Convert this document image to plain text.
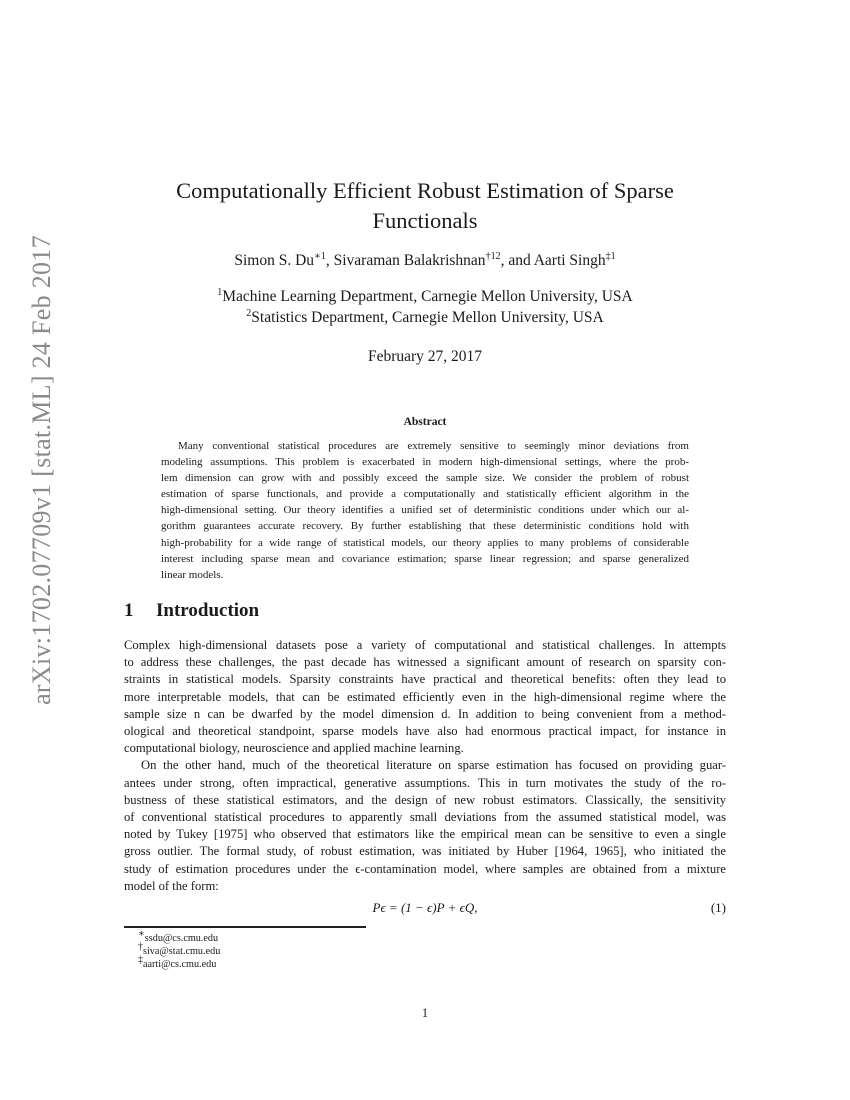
arXiv:1702.07709v1 [stat.ML] 24 Feb 2017
Computationally Efficient Robust Estimation of Sparse
Functionals
Simon S. $Du^{∗1}$, Sivaraman Balakrishnan$^{\dagger 12}$, and Aarti Singh$^{\ddagger 1}$
$^1$Machine Learning Department, Carnegie Mellon University, USA
$^2$Statistics Department, Carnegie Mellon University, USA
February 27, 2017
Abstract
Many conventional statistical procedures are extremely sensitive to seemingly minor deviations from
modeling assumptions. This problem is exacerbated in modern high-dimensional settings, where the prob-
lem dimension can grow with and possibly exceed the sample size. We consider the problem of robust
estimation of sparse functionals, and provide a computationally and statistically efficient algorithm in the
high-dimensional setting. Our theory identifies a unified set of deterministic conditions under which our al-
gorithm guarantees accurate recovery. By further establishing that these deterministic conditions hold with
high-probability for a wide range of statistical models, our theory applies to many problems of considerable
interest including sparse mean and covariance estimation; sparse linear regression; and sparse generalized
linear models.
1 Introduction
Complex high-dimensional datasets pose a variety of computational and statistical challenges. In attempts
to address these challenges, the past decade has witnessed a significant amount of research on sparsity con-
straints in statistical models. Sparsity constraints have practical and theoretical benefits: often they lead to
more interpretable models, that can be estimated efficiently even in the high-dimensional regime where the
sample size n can be dwarfed by the model dimension d. In addition to being convenient from a method-
ological and theoretical standpoint, sparse models have also had enormous practical impact, for instance in
computational biology, neuroscience and applied machine learning.
On the other hand, much of the theoretical literature on sparse estimation has focused on providing guar-
antees under strong, often impractical, generative assumptions. This in turn motivates the study of the ro-
bustness of these statistical estimators, and the design of new robust estimators. Classically, the sensitivity
of conventional statistical procedures to apparently small deviations from the assumed statistical model, was
noted by Tukey [1975] who observed that estimators like the empirical mean can be sensitive to even a single
gross outlier. The formal study, of robust estimation, was initiated by Huber [1964, 1965], who initiated the
study of estimation procedures under the ϵ-contamination model, where samples are obtained from a mixture
model of the form:
Pϵ = (1 − ϵ)P + ϵQ,	(1)
∗ssdu@cs.cmu.edu
†siva@stat.cmu.edu
‡aarti@cs.cmu.edu
1
